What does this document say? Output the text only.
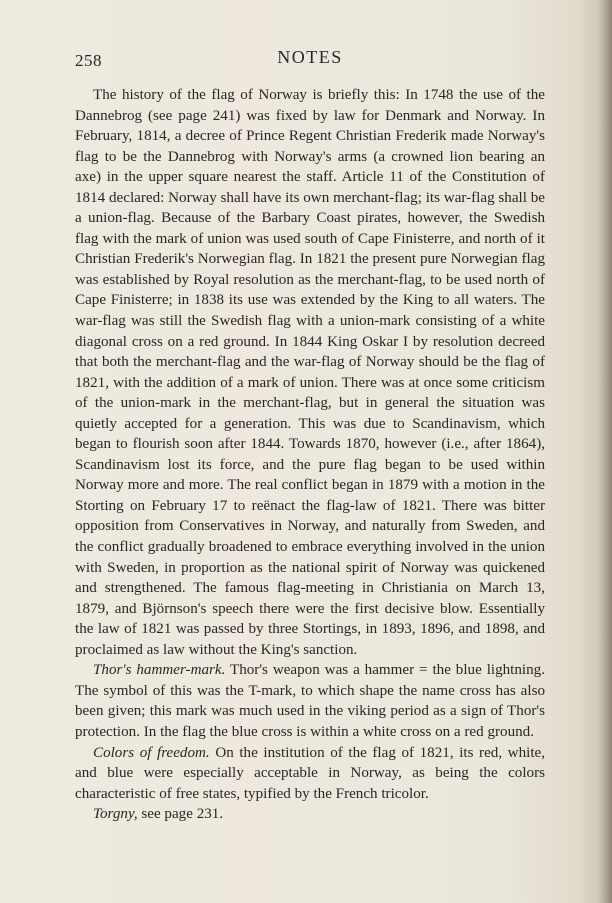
258	NOTES

The history of the flag of Norway is briefly this: In 1748 the use of the Dannebrog (see page 241) was fixed by law for Denmark and Norway. In February, 1814, a decree of Prince Regent Christian Frederik made Norway's flag to be the Dannebrog with Norway's arms (a crowned lion bearing an axe) in the upper square nearest the staff. Article 11 of the Constitution of 1814 declared: Norway shall have its own merchant-flag; its war-flag shall be a union-flag. Because of the Barbary Coast pirates, however, the Swedish flag with the mark of union was used south of Cape Finisterre, and north of it Christian Frederik's Norwegian flag. In 1821 the present pure Norwegian flag was established by Royal resolution as the merchant-flag, to be used north of Cape Finisterre; in 1838 its use was extended by the King to all waters. The war-flag was still the Swedish flag with a union-mark consisting of a white diagonal cross on a red ground. In 1844 King Oskar I by resolution decreed that both the merchant-flag and the war-flag of Norway should be the flag of 1821, with the addition of a mark of union. There was at once some criticism of the union-mark in the merchant-flag, but in general the situation was quietly accepted for a generation. This was due to Scandinavism, which began to flourish soon after 1844. Towards 1870, however (i.e., after 1864), Scandinavism lost its force, and the pure flag began to be used within Norway more and more. The real conflict began in 1879 with a motion in the Storting on February 17 to reënact the flag-law of 1821. There was bitter opposition from Conservatives in Norway, and naturally from Sweden, and the conflict gradually broadened to embrace everything involved in the union with Sweden, in proportion as the national spirit of Norway was quickened and strengthened. The famous flag-meeting in Christiania on March 13, 1879, and Björnson's speech there were the first decisive blow. Essentially the law of 1821 was passed by three Stortings, in 1893, 1896, and 1898, and proclaimed as law without the King's sanction.

Thor's hammer-mark. Thor's weapon was a hammer = the blue lightning. The symbol of this was the T-mark, to which shape the name cross has also been given; this mark was much used in the viking period as a sign of Thor's protection. In the flag the blue cross is within a white cross on a red ground.

Colors of freedom. On the institution of the flag of 1821, its red, white, and blue were especially acceptable in Norway, as being the colors characteristic of free states, typified by the French tricolor.

Torgny, see page 231.
